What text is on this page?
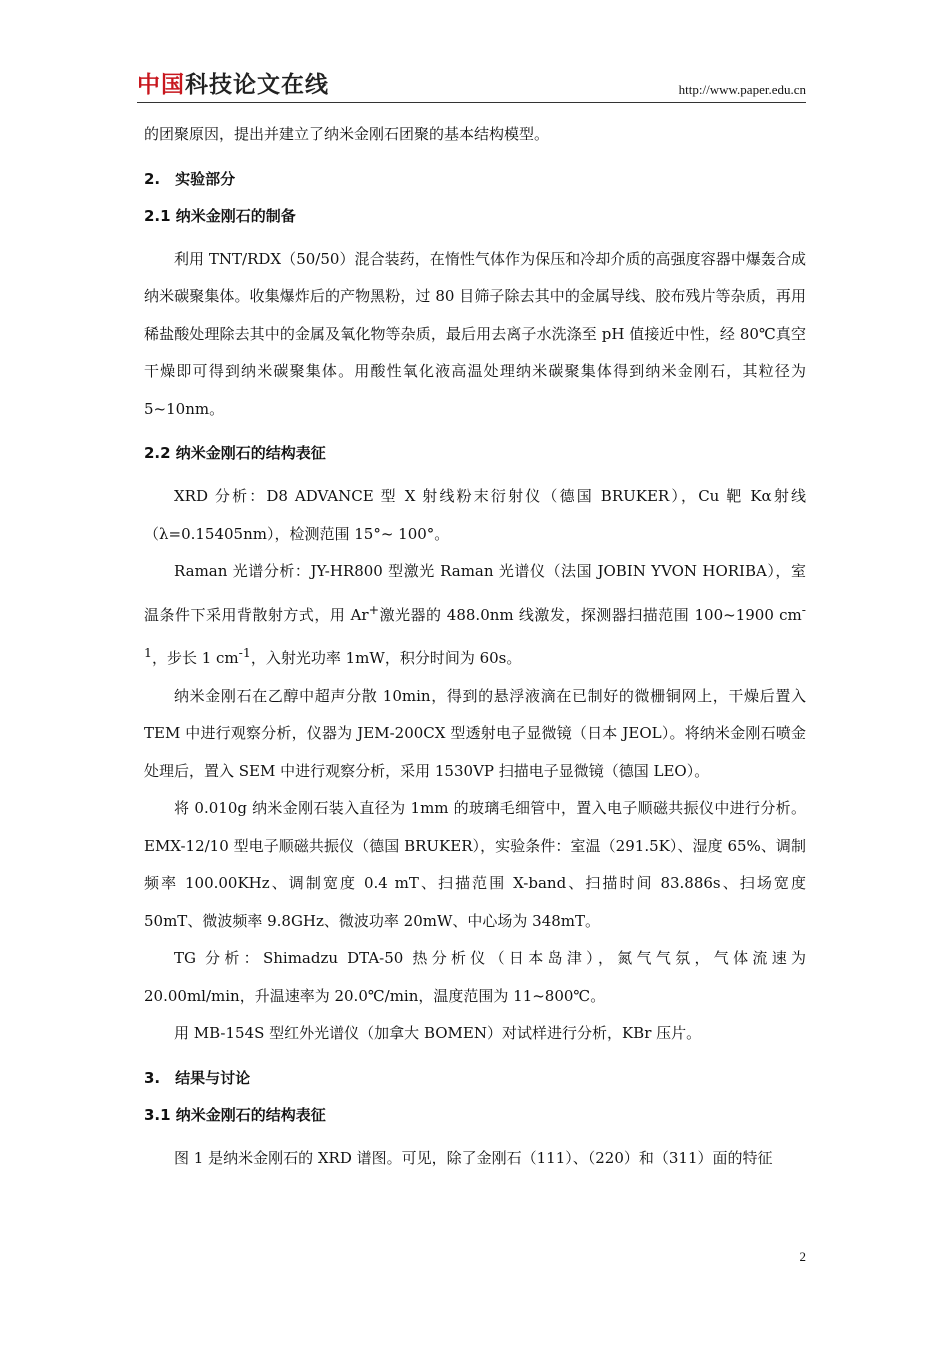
中国科技论文在线	http://www.paper.edu.cn

的团聚原因，提出并建立了纳米金刚石团聚的基本结构模型。

2.　实验部分
2.1 纳米金刚石的制备

利用 TNT/RDX（50/50）混合装药，在惰性气体作为保压和冷却介质的高强度容器中爆轰合成纳米碳聚集体。收集爆炸后的产物黑粉，过 80 目筛子除去其中的金属导线、胶布残片等杂质，再用稀盐酸处理除去其中的金属及氧化物等杂质，最后用去离子水洗涤至 pH 值接近中性，经 80℃真空干燥即可得到纳米碳聚集体。用酸性氧化液高温处理纳米碳聚集体得到纳米金刚石，其粒径为 5~10nm。

2.2 纳米金刚石的结构表征

XRD 分析：D8 ADVANCE 型 X 射线粉末衍射仪（德国 BRUKER），Cu 靶 Kα射线（λ=0.15405nm），检测范围 15°~ 100°。

Raman 光谱分析：JY-HR800 型激光 Raman 光谱仪（法国 JOBIN YVON HORIBA），室温条件下采用背散射方式，用 Ar+激光器的 488.0nm 线激发，探测器扫描范围 100~1900 $cm^{-1}$，步长 1 $cm^{-1}$，入射光功率 1mW，积分时间为 60s。

纳米金刚石在乙醇中超声分散 10min，得到的悬浮液滴在已制好的微栅铜网上，干燥后置入 TEM 中进行观察分析，仪器为 JEM-200CX 型透射电子显微镜（日本 JEOL）。将纳米金刚石喷金处理后，置入 SEM 中进行观察分析，采用 1530VP 扫描电子显微镜（德国 LEO）。

将 0.010g 纳米金刚石装入直径为 1mm 的玻璃毛细管中，置入电子顺磁共振仪中进行分析。EMX-12/10 型电子顺磁共振仪（德国 BRUKER），实验条件：室温（291.5K）、湿度 65%、调制频率 100.00KHz、调制宽度 0.4 mT、扫描范围 X-band、扫描时间 83.886s、扫场宽度 50mT、微波频率 9.8GHz、微波功率 20mW、中心场为 348mT。

TG 分析：Shimadzu DTA-50 热分析仪（日本岛津），氮气气氛，气体流速为 20.00ml/min，升温速率为 20.0℃/min，温度范围为 11~800℃。

用 MB-154S 型红外光谱仪（加拿大 BOMEN）对试样进行分析，KBr 压片。

3.　结果与讨论
3.1 纳米金刚石的结构表征

图 1 是纳米金刚石的 XRD 谱图。可见，除了金刚石（111）、（220）和（311）面的特征

2
